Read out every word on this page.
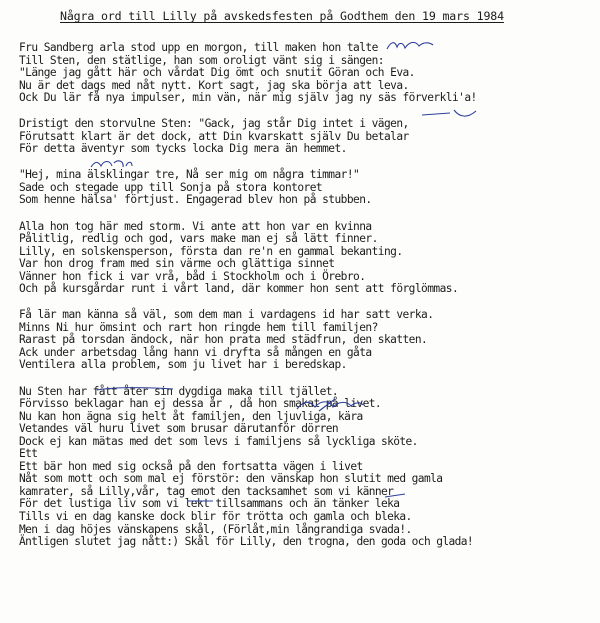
Några ord till Lilly på avskedsfesten på Godthem den 19 mars 1984
Fru Sandberg arla stod upp en morgon, till maken hon talte
Till Sten, den stätlige, han som oroligt vänt sig i sängen:
"Länge jag gått här och vårdat Dig ömt och snutit Göran och Eva.
Nu är det dags med nåt nytt. Kort sagt, jag ska börja att leva.
Ock Du lär få nya impulser, min vän, när mig själv jag ny säs förverkli'a!
Dristigt den storvulne Sten: "Gack, jag står Dig intet i vägen,
Förutsatt klart är det dock, att Din kvarskatt själv Du betalar
För detta äventyr som tycks locka Dig mera än hemmet.
"Hej, mina älsklingar tre, Nå ser mig om några timmar!"
Sade och stegade upp till Sonja på stora kontoret
Som henne hälsa' förtjust. Engagerad blev hon på stubben.
Alla hon tog här med storm. Vi ante att hon var en kvinna
Pålitlig, redlig och god, vars make man ej så lätt finner.
Lilly, en solskensperson, första dan re'n en gammal bekanting.
Var hon drog fram med sin värme och glättiga sinnet
Vänner hon fick i var vrå, båd i Stockholm och i Örebro.
Och på kursgårdar runt i vårt land, där kommer hon sent att förglömmas.
Få lär man känna så väl, som dem man i vardagens id har satt verka.
Minns Ni hur ömsint och rart hon ringde hem till familjen?
Rarast på torsdan ändock, när hon prata med städfrun, den skatten.
Ack under arbetsdag lång hann vi dryfta så mången en gåta
Ventilera alla problem, som ju livet har i beredskap.
Nu Sten har fått åter sin dygdiga maka till tjället.
Förvisso beklagar han ej dessa år , då hon smakat på livet.
Nu kan hon ägna sig helt åt familjen, den ljuvliga, kära
Vetandes väl huru livet som brusar därutanför dörren
Dock ej kan mätas med det som levs i familjens så lyckliga sköte.
Ett
Ett bär hon med sig också på den fortsatta vägen i livet
Nåt som mott och som mal ej förstör: den vänskap hon slutit med gamla
kamrater, så Lilly,vår, tag emot den tacksamhet som vi känner
För det lustiga liv som vi lekt tillsammans och än tänker leka
Tills vi en dag kanske dock blir för trötta och gamla och bleka.
Men i dag höjes vänskapens skål, (Förlåt,min långrandiga svada!.
Äntligen slutet jag nått:) Skål för Lilly, den trogna, den goda och glada!
